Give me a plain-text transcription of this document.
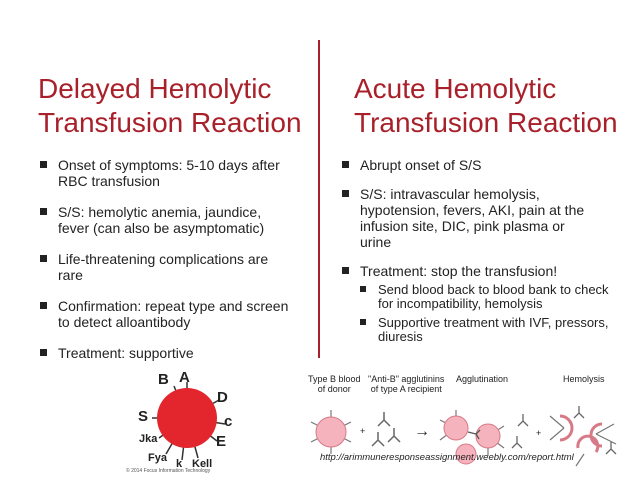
Delayed Hemolytic
Transfusion Reaction
Acute Hemolytic
Transfusion Reaction
Onset of symptoms: 5-10 days after
RBC transfusion
S/S: hemolytic anemia, jaundice,
fever (can also be asymptomatic)
Life-threatening complications are
rare
Confirmation: repeat type and screen
to detect alloantibody
Treatment: supportive
Abrupt onset of S/S
S/S: intravascular hemolysis,
hypotension, fevers, AKI, pain at the
infusion site, DIC, pink plasma or
urine
Treatment: stop the transfusion!
Send blood back to blood bank to check
for incompatibility, hemolysis
Supportive treatment with IVF, pressors,
diuresis
B A
D
c
E
S
Jka
Fya k Kell
© 2014 Focus Information Technology
Type B blood
of donor
"Anti-B" agglutinins
of type A recipient
Agglutination	Hemolysis
+	→	+
http://arimmuneresponseassignment.weebly.com/report.html
